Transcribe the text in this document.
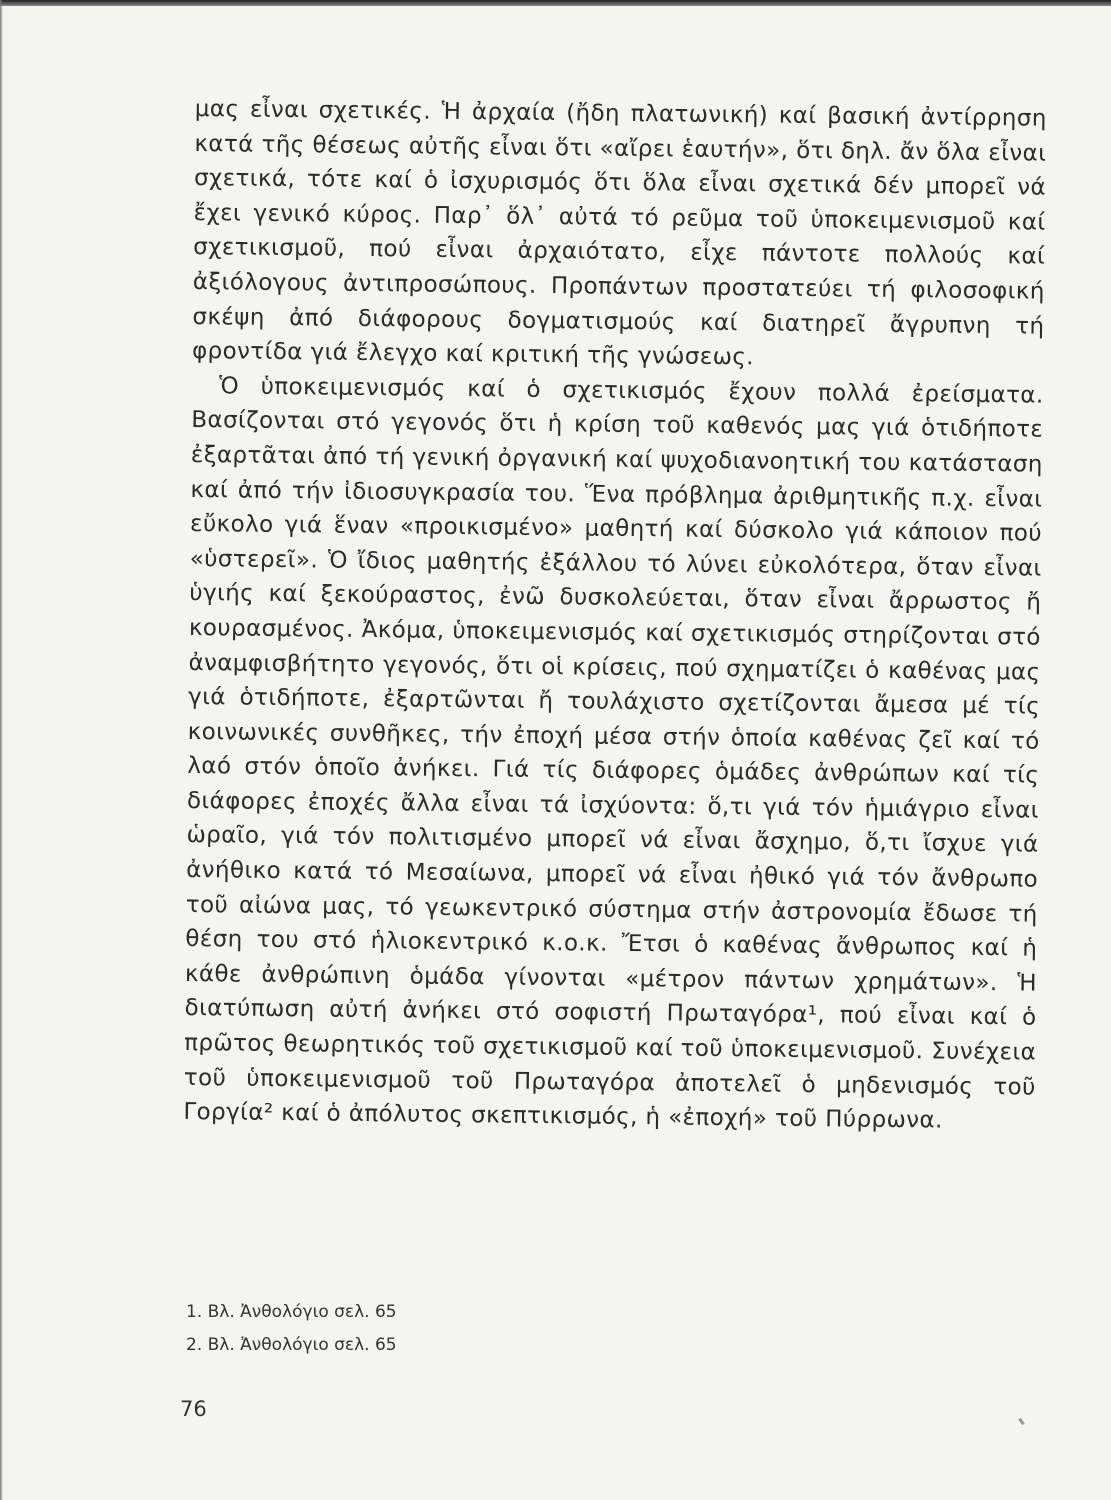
μας εἶναι σχετικές. Ἡ ἀρχαία (ἤδη πλατωνική) καί βασική ἀντίρρηση κατά τῆς θέσεως αὐτῆς εἶναι ὅτι «αἴρει ἑαυτήν», ὅτι δηλ. ἄν ὅλα εἶναι σχετικά, τότε καί ὁ ἰσχυρισμός ὅτι ὅλα εἶναι σχετικά δέν μπορεῖ νά ἔχει γενικό κύρος. Παρ᾿ ὅλ᾿ αὐτά τό ρεῦμα τοῦ ὑποκειμενισμοῦ καί σχετικισμοῦ, πού εἶναι ἀρχαιότατο, εἶχε πάντοτε πολλούς καί ἀξιόλογους ἀντιπροσώπους. Προπάντων προστατεύει τή φιλοσοφική σκέψη ἀπό διάφορους δογματισμούς καί διατηρεῖ ἄγρυπνη τή φροντίδα γιά ἔλεγχο καί κριτική τῆς γνώσεως.

Ὁ ὑποκειμενισμός καί ὁ σχετικισμός ἔχουν πολλά ἐρείσματα. Βασίζονται στό γεγονός ὅτι ἡ κρίση τοῦ καθενός μας γιά ὁτιδήποτε ἐξαρτᾶται ἀπό τή γενική ὀργανική καί ψυχοδιανοητική του κατάσταση καί ἀπό τήν ἰδιοσυγκρασία του. Ἕνα πρόβλημα ἀριθμητικῆς π.χ. εἶναι εὔκολο γιά ἕναν «προικισμένο» μαθητή καί δύσκολο γιά κάποιον πού «ὑστερεῖ». Ὁ ἴδιος μαθητής ἐξάλλου τό λύνει εὐκολότερα, ὅταν εἶναι ὑγιής καί ξεκούραστος, ἐνῶ δυσκολεύεται, ὅταν εἶναι ἄρρωστος ἤ κουρασμένος. Ἀκόμα, ὑποκειμενισμός καί σχετικισμός στηρίζονται στό ἀναμφισβήτητο γεγονός, ὅτι οἱ κρίσεις, πού σχηματίζει ὁ καθένας μας γιά ὁτιδήποτε, ἐξαρτῶνται ἤ τουλάχιστο σχετίζονται ἄμεσα μέ τίς κοινωνικές συνθῆκες, τήν ἐποχή μέσα στήν ὁποία καθένας ζεῖ καί τό λαό στόν ὁποῖο ἀνήκει. Γιά τίς διάφορες ὁμάδες ἀνθρώπων καί τίς διάφορες ἐποχές ἄλλα εἶναι τά ἰσχύοντα: ὅ,τι γιά τόν ἡμιάγριο εἶναι ὡραῖο, γιά τόν πολιτισμένο μπορεῖ νά εἶναι ἄσχημο, ὅ,τι ἴσχυε γιά ἀνήθικο κατά τό Μεσαίωνα, μπορεῖ νά εἶναι ἠθικό γιά τόν ἄνθρωπο τοῦ αἰώνα μας, τό γεωκεντρικό σύστημα στήν ἀστρονομία ἔδωσε τή θέση του στό ἡλιοκεντρικό κ.ο.κ. Ἔτσι ὁ καθένας ἄνθρωπος καί ἡ κάθε ἀνθρώπινη ὁμάδα γίνονται «μέτρον πάντων χρημάτων». Ἡ διατύπωση αὐτή ἀνήκει στό σοφιστή Πρωταγόρα¹, πού εἶναι καί ὁ πρῶτος θεωρητικός τοῦ σχετικισμοῦ καί τοῦ ὑποκειμενισμοῦ. Συνέχεια τοῦ ὑποκειμενισμοῦ τοῦ Πρωταγόρα ἀποτελεῖ ὁ μηδενισμός τοῦ Γοργία² καί ὁ ἀπόλυτος σκεπτικισμός, ἡ «ἐποχή» τοῦ Πύρρωνα.

1. Βλ. Ἀνθολόγιο σελ. 65
2. Βλ. Ἀνθολόγιο σελ. 65
76
